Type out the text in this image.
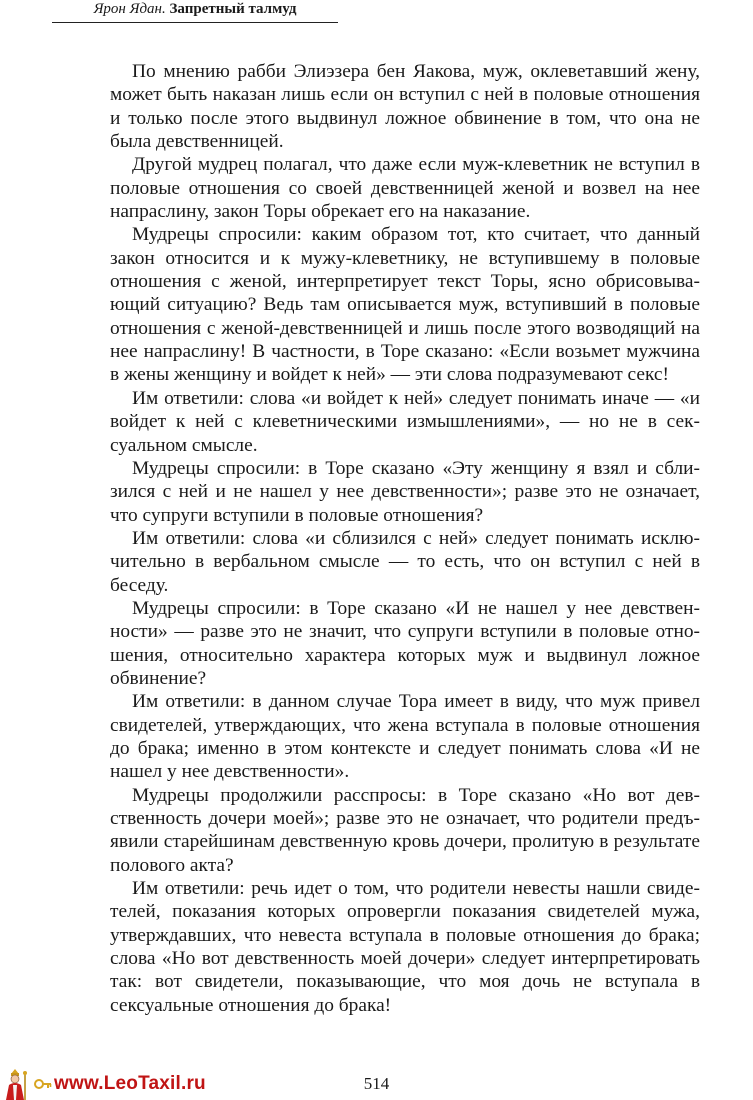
Ярон Ядан. Запретный талмуд

По мнению рабби Элиэзера бен Яакова, муж, оклеветавший жену, может быть наказан лишь если он вступил с ней в половые отношения и только после этого выдвинул ложное обвинение в том, что она не была девственницей.

Другой мудрец полагал, что даже если муж-клеветник не вступил в половые отношения со своей девственницей женой и возвел на нее напраслину, закон Торы обрекает его на наказание.

Мудрецы спросили: каким образом тот, кто считает, что данный закон относится и к мужу-клеветнику, не вступившему в половые отношения с женой, интерпретирует текст Торы, ясно обрисовывающий ситуацию? Ведь там описывается муж, вступивший в половые отношения с женой-девственницей и лишь после этого возводящий на нее напраслину! В частности, в Торе сказано: «Если возьмет мужчина в жены женщину и войдет к ней» — эти слова подразумевают секс!

Им ответили: слова «и войдет к ней» следует понимать иначе — «и войдет к ней с клеветническими измышлениями», — но не в сексуальном смысле.

Мудрецы спросили: в Торе сказано «Эту женщину я взял и сблизился с ней и не нашел у нее девственности»; разве это не означает, что супруги вступили в половые отношения?

Им ответили: слова «и сблизился с ней» следует понимать исключительно в вербальном смысле — то есть, что он вступил с ней в беседу.

Мудрецы спросили: в Торе сказано «И не нашел у нее девственности» — разве это не значит, что супруги вступили в половые отношения, относительно характера которых муж и выдвинул ложное обвинение?

Им ответили: в данном случае Тора имеет в виду, что муж привел свидетелей, утверждающих, что жена вступала в половые отношения до брака; именно в этом контексте и следует понимать слова «И не нашел у нее девственности».

Мудрецы продолжили расспросы: в Торе сказано «Но вот девственность дочери моей»; разве это не означает, что родители предъявили старейшинам девственную кровь дочери, пролитую в результате полового акта?

Им ответили: речь идет о том, что родители невесты нашли свидетелей, показания которых опровергли показания свидетелей мужа, утверждавших, что невеста вступала в половые отношения до брака; слова «Но вот девственность моей дочери» следует интерпретировать так: вот свидетели, показывающие, что моя дочь не вступала в сексуальные отношения до брака!

www.LeoTaxil.ru	514
